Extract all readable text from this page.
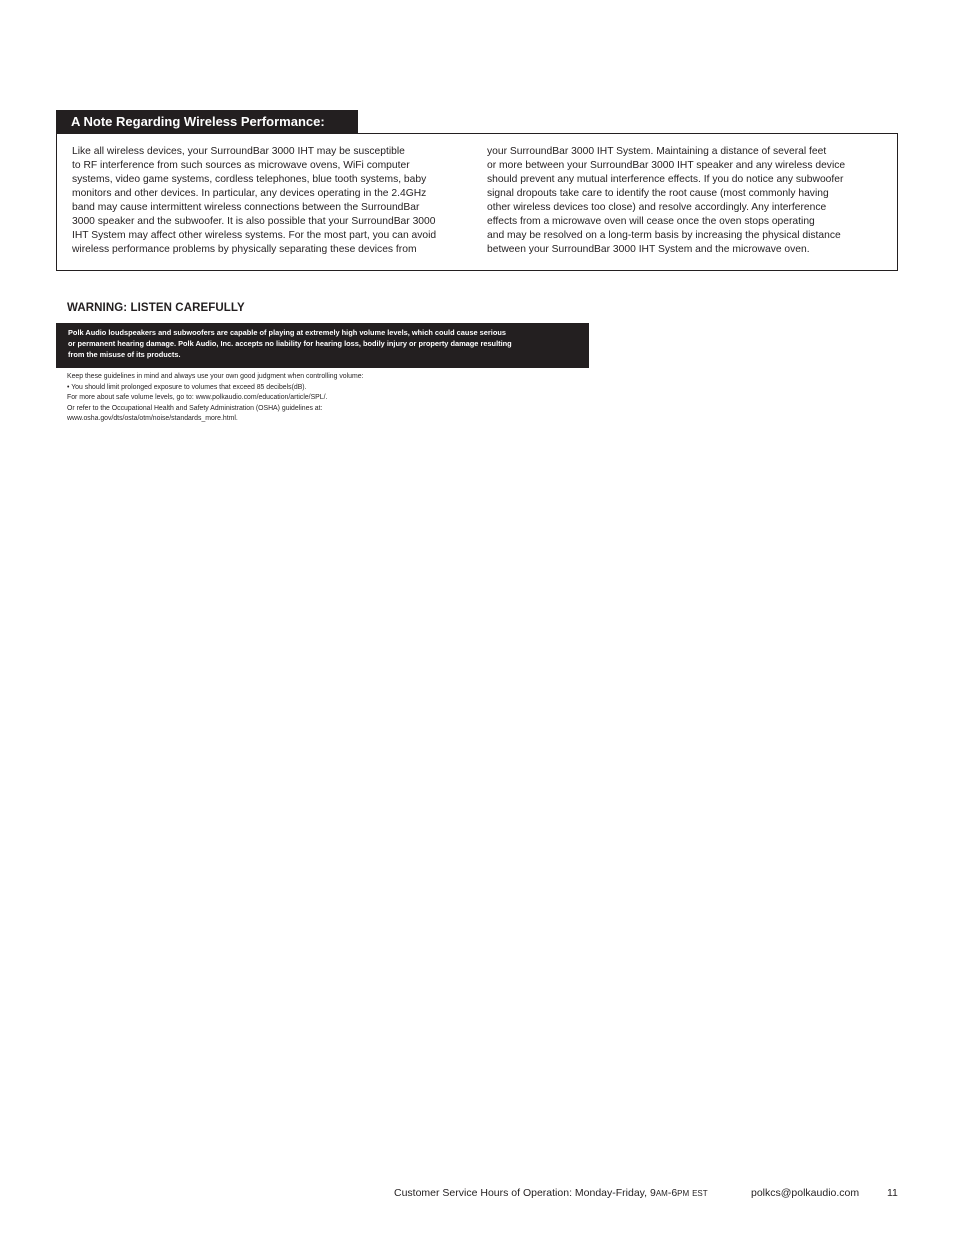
A Note Regarding Wireless Performance:
Like all wireless devices, your SurroundBar 3000 IHT may be susceptible
to RF interference from such sources as microwave ovens, WiFi computer
systems, video game systems, cordless telephones, blue tooth systems, baby
monitors and other devices. In particular, any devices operating in the 2.4GHz
band may cause intermittent wireless connections between the SurroundBar
3000 speaker and the subwoofer. It is also possible that your SurroundBar 3000
IHT System may affect other wireless systems. For the most part, you can avoid
wireless performance problems by physically separating these devices from
your SurroundBar 3000 IHT System. Maintaining a distance of several feet
or more between your SurroundBar 3000 IHT speaker and any wireless device
should prevent any mutual interference effects. If you do notice any subwoofer
signal dropouts take care to identify the root cause (most commonly having
other wireless devices too close) and resolve accordingly. Any interference
effects from a microwave oven will cease once the oven stops operating
and may be resolved on a long-term basis by increasing the physical distance
between your SurroundBar 3000 IHT System and the microwave oven.
WARNING: LISTEN CAREFULLY
Polk Audio loudspeakers and subwoofers are capable of playing at extremely high volume levels, which could cause serious
or permanent hearing damage. Polk Audio, Inc. accepts no liability for hearing loss, bodily injury or property damage resulting
from the misuse of its products.
Keep these guidelines in mind and always use your own good judgment when controlling volume:
• You should limit prolonged exposure to volumes that exceed 85 decibels(dB).
For more about safe volume levels, go to: www.polkaudio.com/education/article/SPL/.
Or refer to the Occupational Health and Safety Administration (OSHA) guidelines at:
www.osha.gov/dts/osta/otm/noise/standards_more.html.
Customer Service Hours of Operation: Monday-Friday, 9AM-6PM EST	polkcs@polkaudio.com	11
